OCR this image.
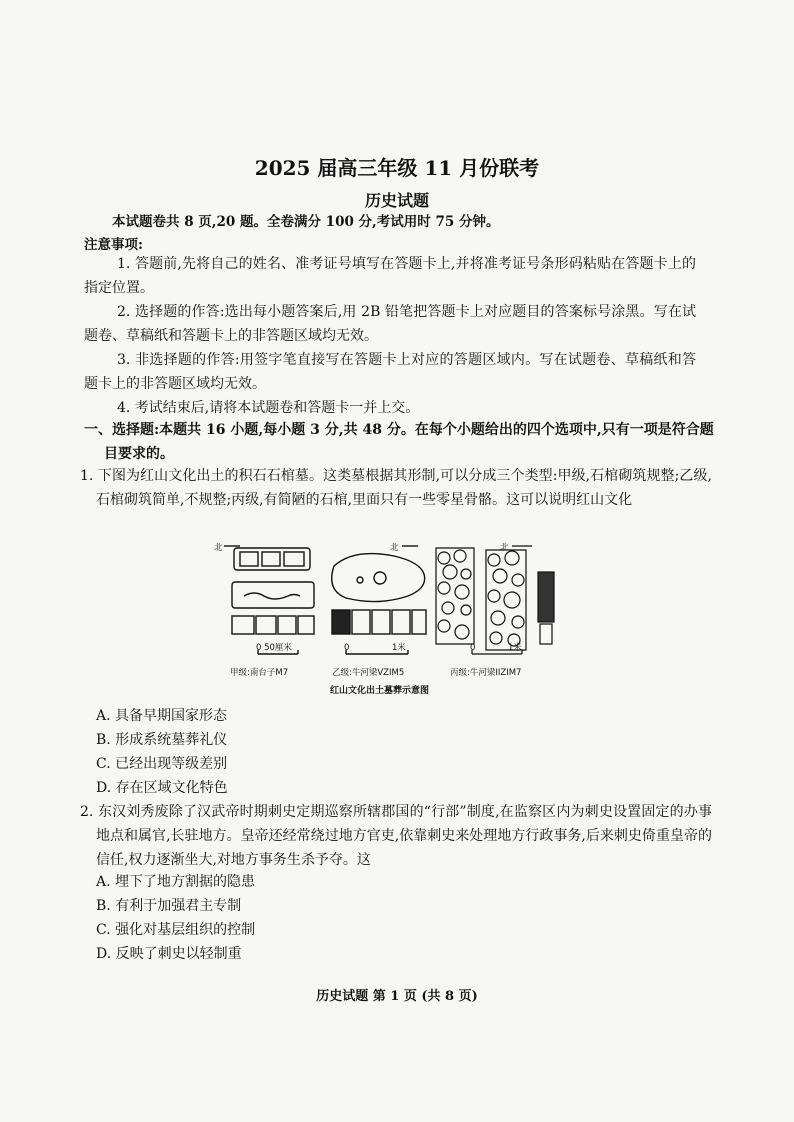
2025 届高三年级 11 月份联考
历史试题
本试题卷共 8 页,20 题。全卷满分 100 分,考试用时 75 分钟。
注意事项:
1. 答题前,先将自己的姓名、准考证号填写在答题卡上,并将准考证号条形码粘贴在答题卡上的指定位置。
2. 选择题的作答:选出每小题答案后,用 2B 铅笔把答题卡上对应题目的答案标号涂黑。写在试题卷、草稿纸和答题卡上的非答题区域均无效。
3. 非选择题的作答:用签字笔直接写在答题卡上对应的答题区域内。写在试题卷、草稿纸和答题卡上的非答题区域均无效。
4. 考试结束后,请将本试题卷和答题卡一并上交。
一、选择题:本题共 16 小题,每小题 3 分,共 48 分。在每个小题给出的四个选项中,只有一项是符合题目要求的。
1. 下图为红山文化出土的积石石棺墓。这类墓根据其形制,可以分成三个类型:甲级,石棺砌筑规整;乙级,石棺砌筑简单,不规整;丙级,有简陋的石棺,里面只有一些零星骨骼。这可以说明红山文化
北
0 50厘米
北
0	1米
北
0	1米
甲级:南台子M7	乙级:牛河梁VZIM5	丙级:牛河梁IIZIM7
红山文化出土墓葬示意图
A. 具备早期国家形态
B. 形成系统墓葬礼仪
C. 已经出现等级差别
D. 存在区域文化特色
2. 东汉刘秀废除了汉武帝时期刺史定期巡察所辖郡国的“行部”制度,在监察区内为刺史设置固定的办事地点和属官,长驻地方。皇帝还经常绕过地方官吏,依靠刺史来处理地方行政事务,后来刺史倚重皇帝的信任,权力逐渐坐大,对地方事务生杀予夺。这
A. 埋下了地方割据的隐患
B. 有利于加强君主专制
C. 强化对基层组织的控制
D. 反映了刺史以轻制重
历史试题 第 1 页 (共 8 页)
